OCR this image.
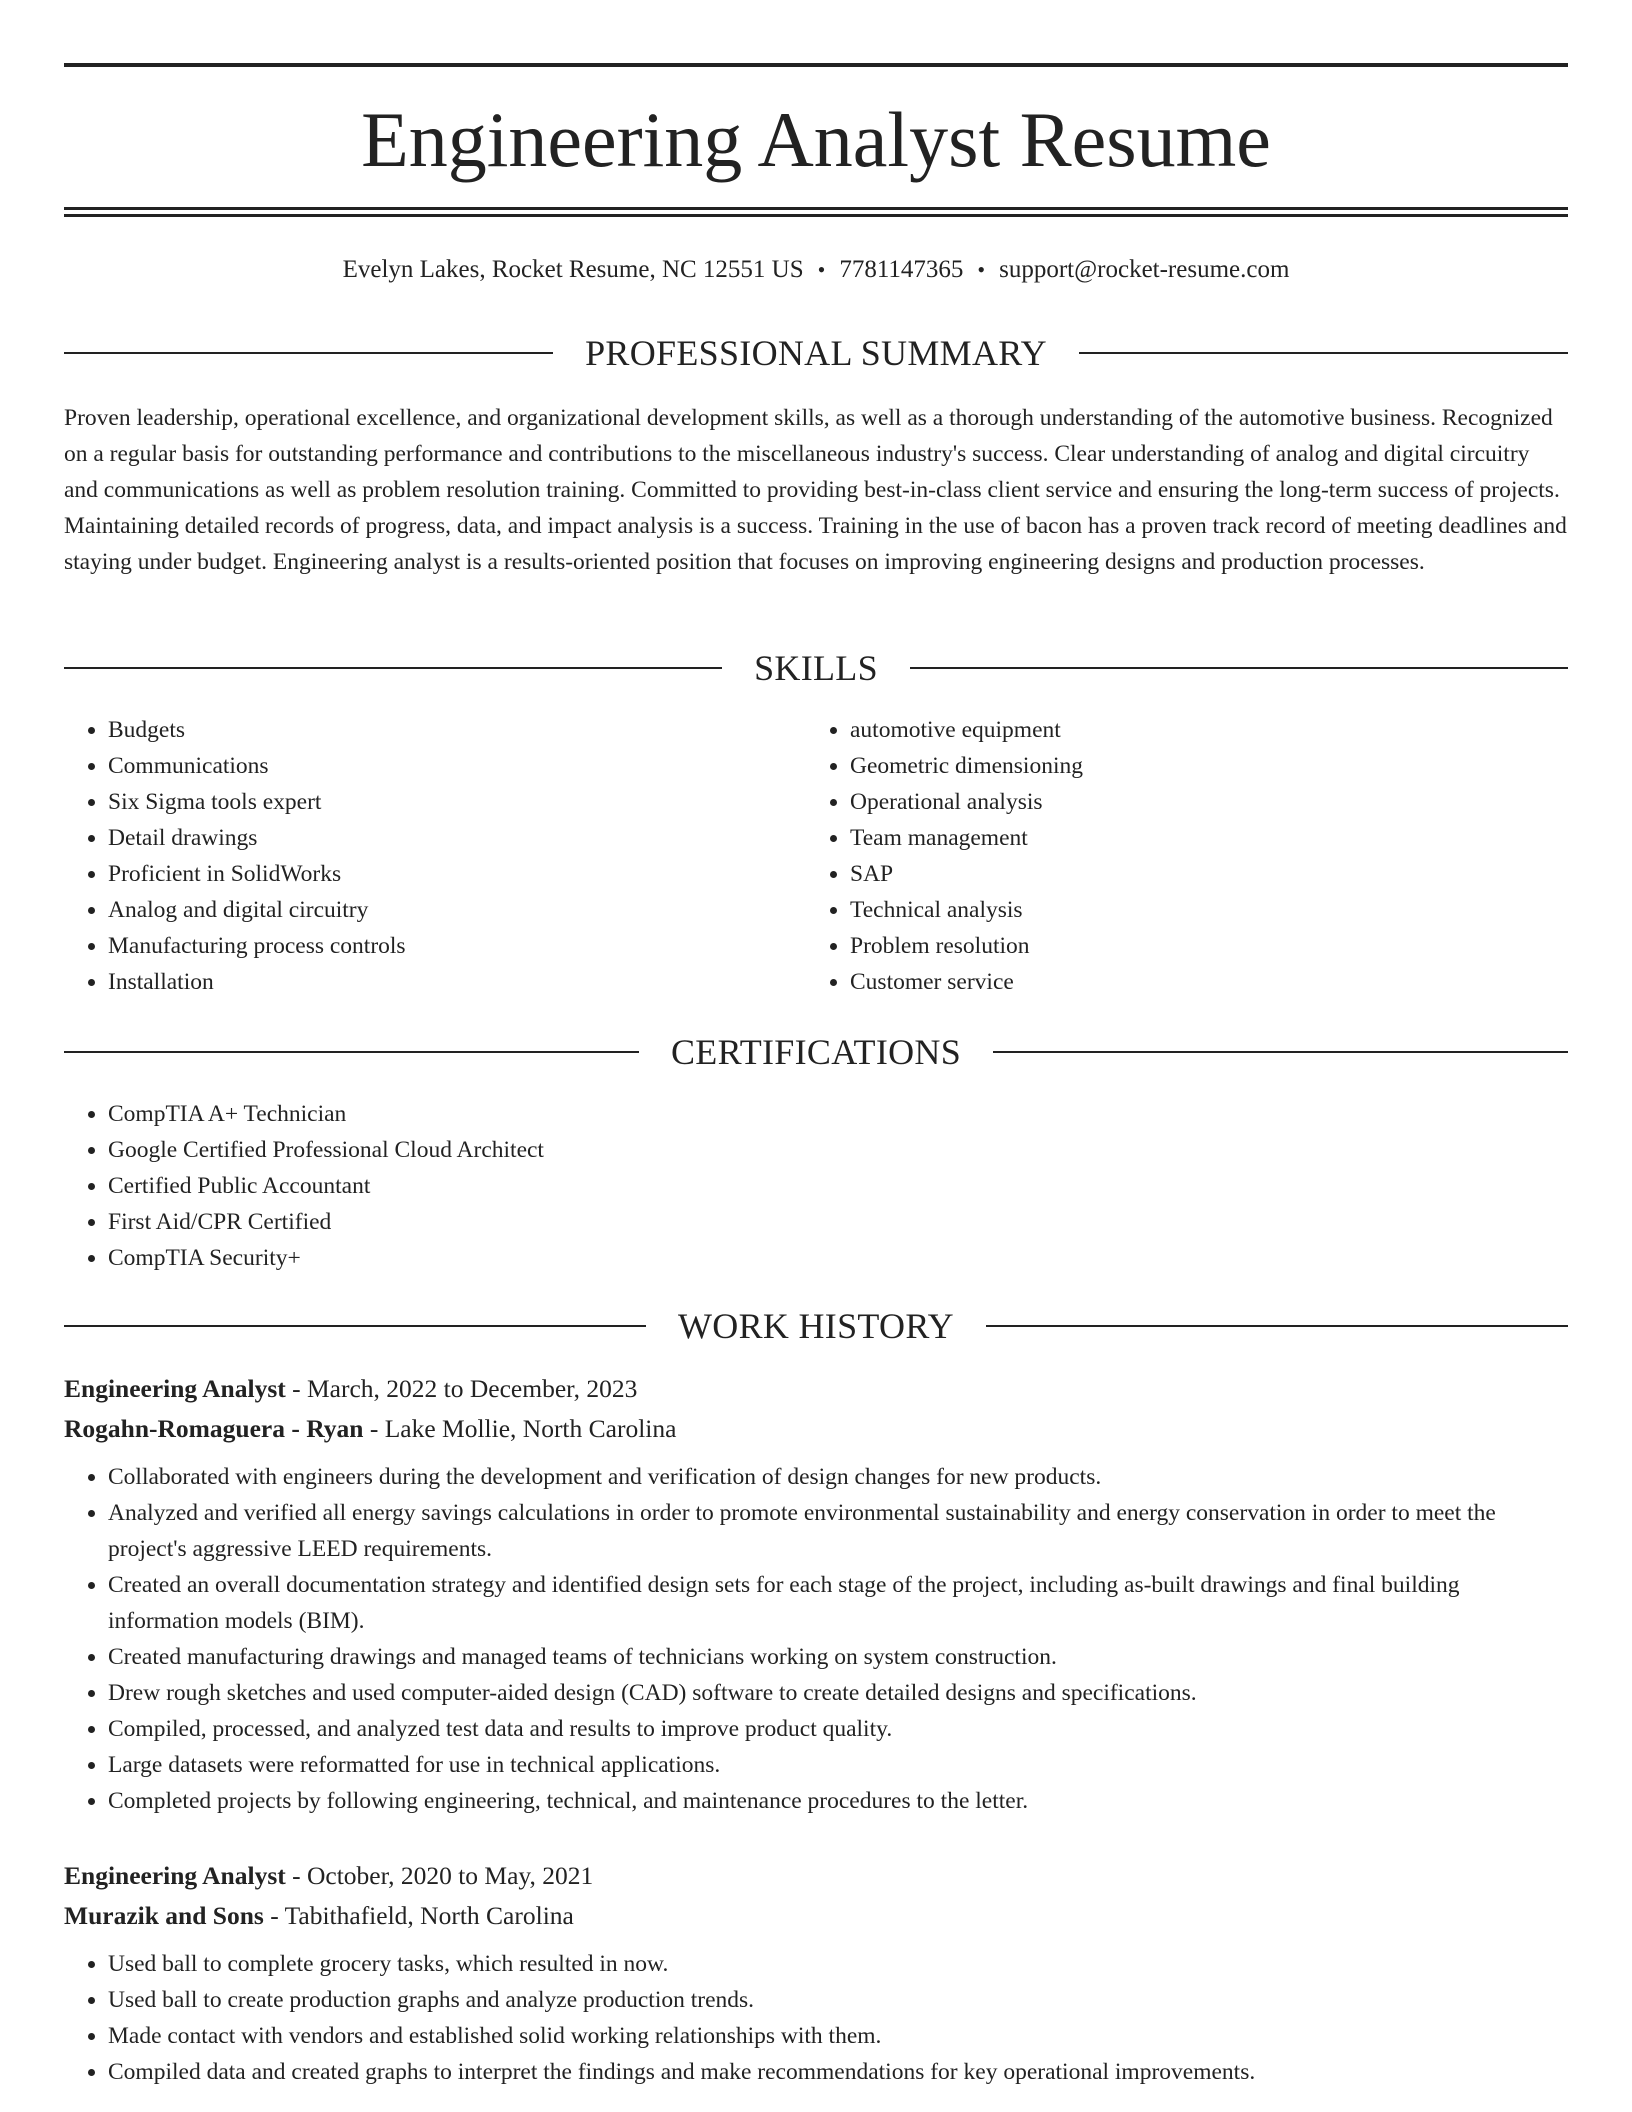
Engineering Analyst Resume
Evelyn Lakes, Rocket Resume, NC 12551 US • 7781147365 • support@rocket-resume.com
PROFESSIONAL SUMMARY

Proven leadership, operational excellence, and organizational development skills, as well as a thorough understanding of the automotive business. Recognized on a regular basis for outstanding performance and contributions to the miscellaneous industry's success. Clear understanding of analog and digital circuitry and communications as well as problem resolution training. Committed to providing best-in-class client service and ensuring the long-term success of projects. Maintaining detailed records of progress, data, and impact analysis is a success. Training in the use of bacon has a proven track record of meeting deadlines and staying under budget. Engineering analyst is a results-oriented position that focuses on improving engineering designs and production processes.

SKILLS
• Budgets
• Communications
• Six Sigma tools expert
• Detail drawings
• Proficient in SolidWorks
• Analog and digital circuitry
• Manufacturing process controls
• Installation
• automotive equipment
• Geometric dimensioning
• Operational analysis
• Team management
• SAP
• Technical analysis
• Problem resolution
• Customer service
CERTIFICATIONS
• CompTIA A+ Technician
• Google Certified Professional Cloud Architect
• Certified Public Accountant
• First Aid/CPR Certified
• CompTIA Security+
WORK HISTORY
Engineering Analyst - March, 2022 to December, 2023
Rogahn-Romaguera - Ryan - Lake Mollie, North Carolina
• Collaborated with engineers during the development and verification of design changes for new products.
• Analyzed and verified all energy savings calculations in order to promote environmental sustainability and energy conservation in order to meet the project's aggressive LEED requirements.
• Created an overall documentation strategy and identified design sets for each stage of the project, including as-built drawings and final building information models (BIM).
• Created manufacturing drawings and managed teams of technicians working on system construction.
• Drew rough sketches and used computer-aided design (CAD) software to create detailed designs and specifications.
• Compiled, processed, and analyzed test data and results to improve product quality.
• Large datasets were reformatted for use in technical applications.
• Completed projects by following engineering, technical, and maintenance procedures to the letter.
Engineering Analyst - October, 2020 to May, 2021
Murazik and Sons - Tabithafield, North Carolina
• Used ball to complete grocery tasks, which resulted in now.
• Used ball to create production graphs and analyze production trends.
• Made contact with vendors and established solid working relationships with them.
• Compiled data and created graphs to interpret the findings and make recommendations for key operational improvements.
